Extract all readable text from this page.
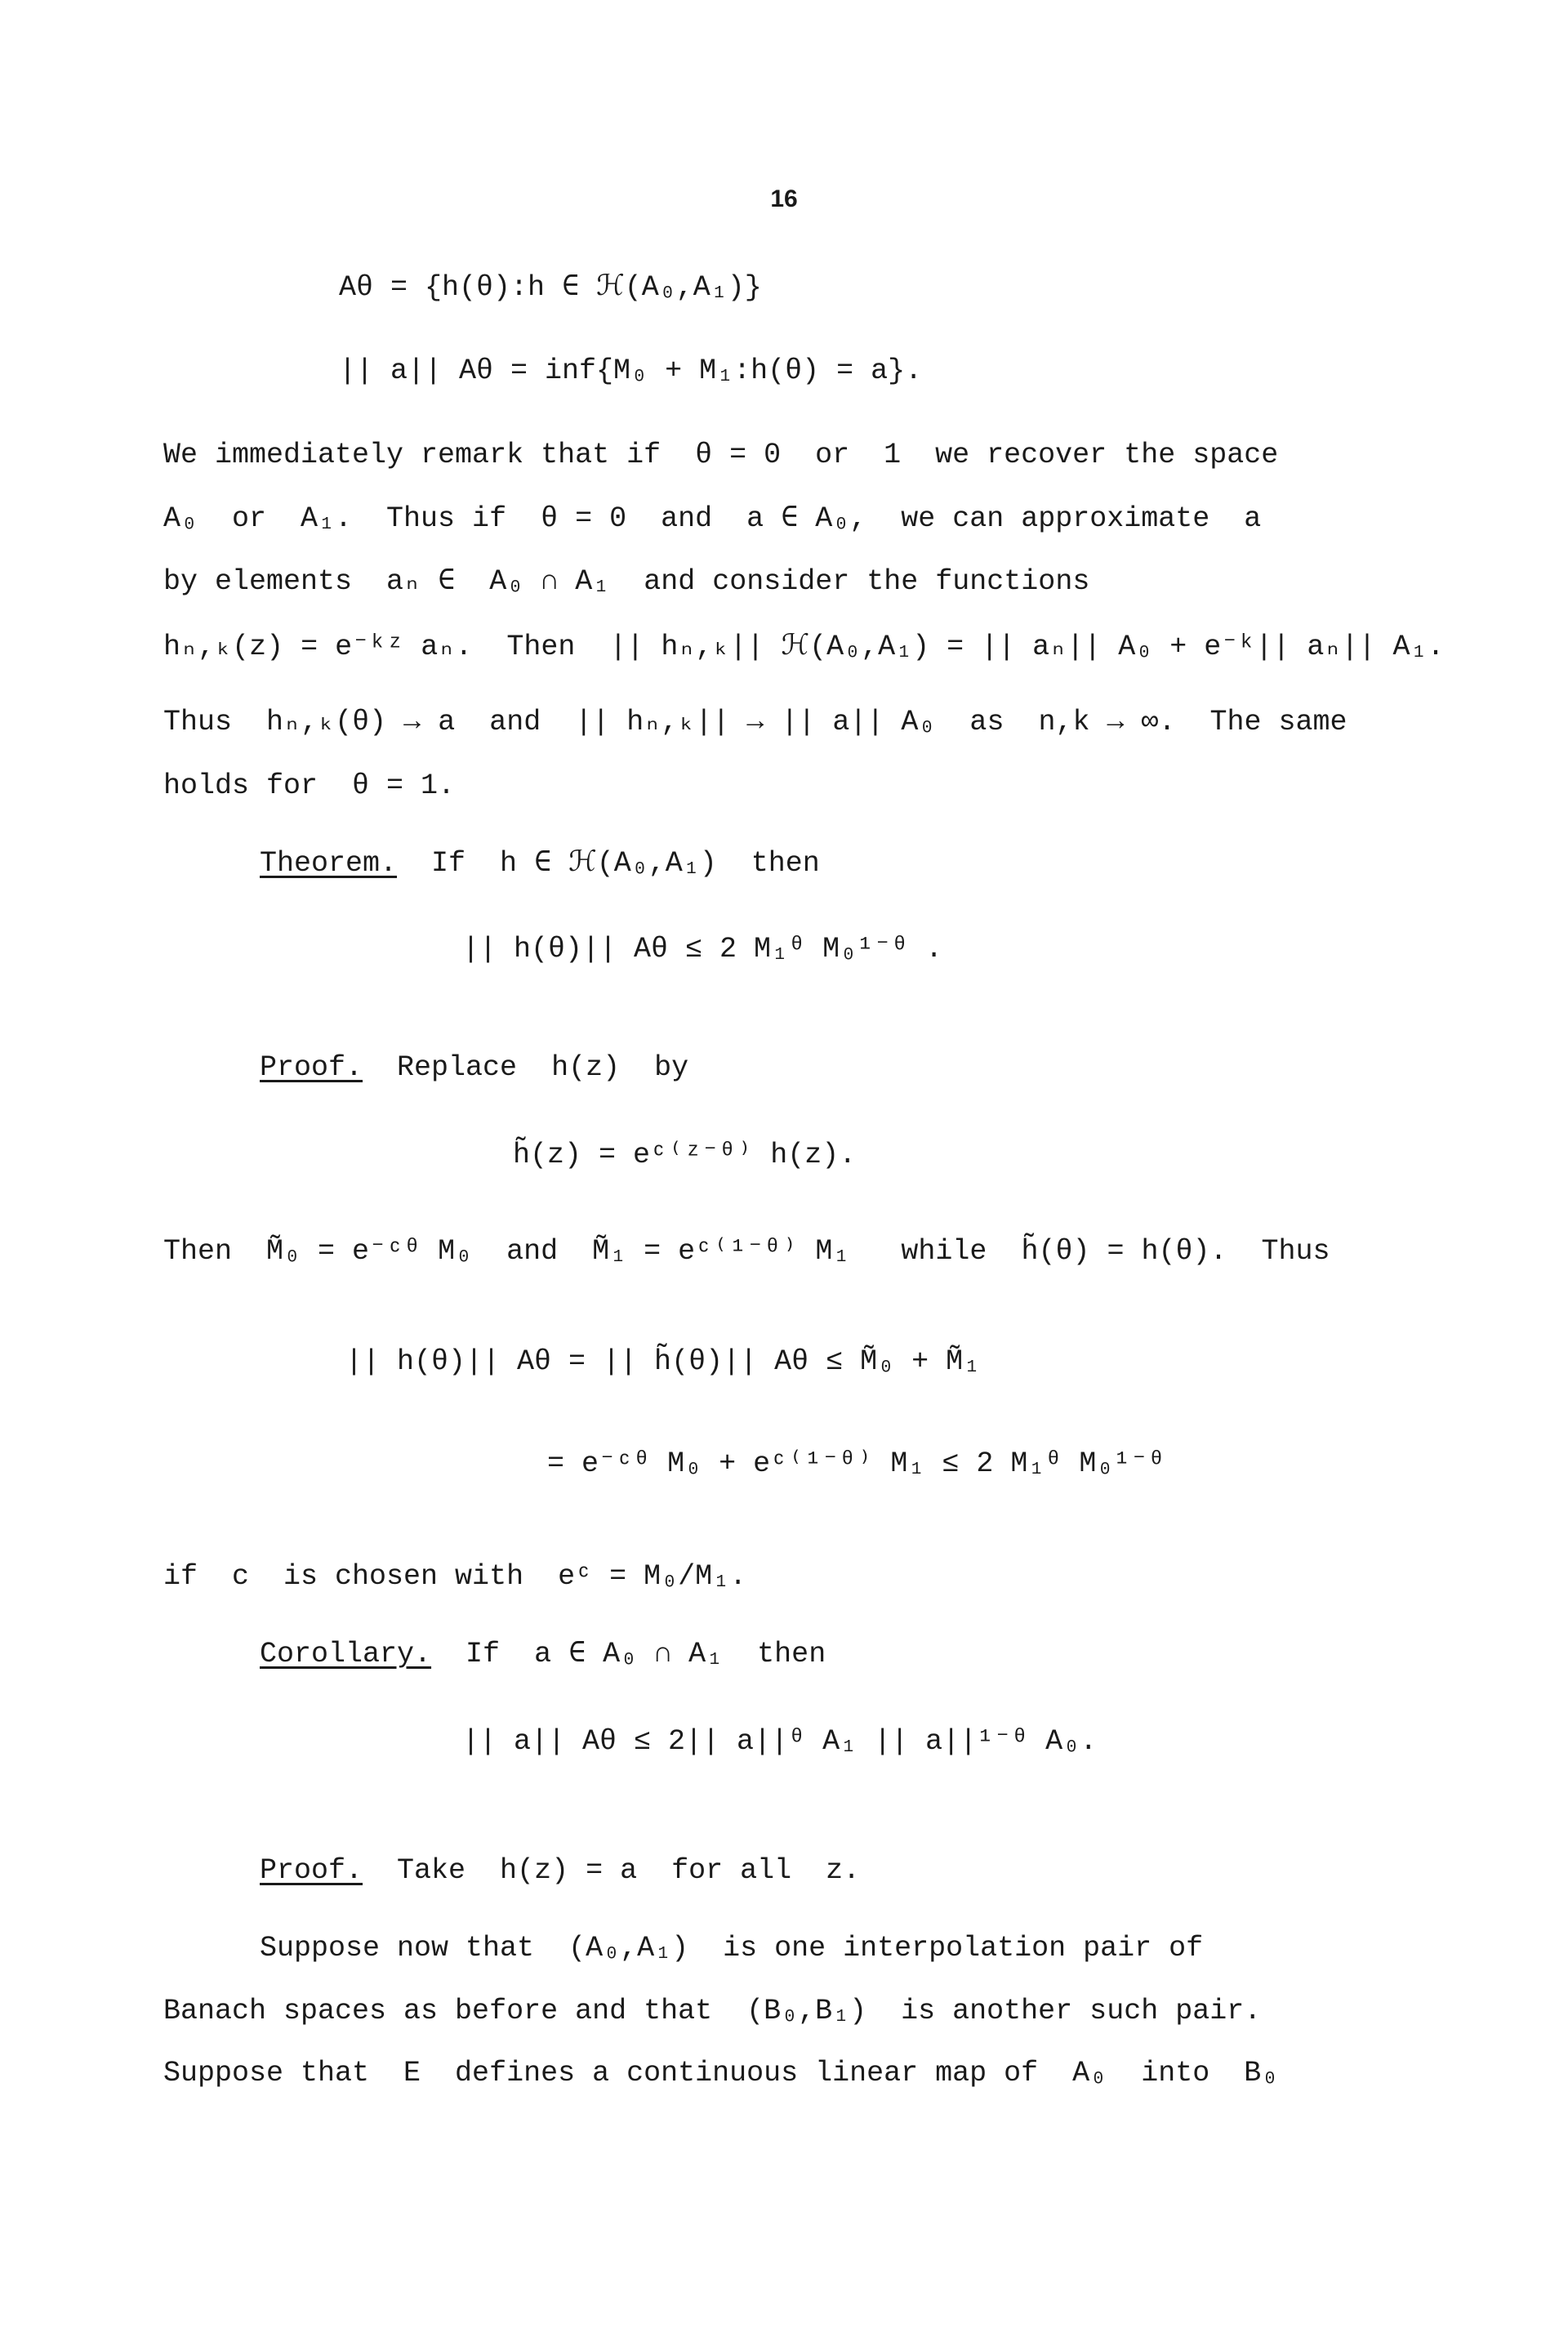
16
Aθ = {h(θ):h ∈ ℋ(A₀,A₁)}
|| a|| Aθ = inf{M₀ + M₁:h(θ) = a}.
We immediately remark that if  θ = 0  or  1  we recover the space
A₀  or  A₁.  Thus if  θ = 0  and  a ∈ A₀,  we can approximate  a
by elements  aₙ ∈  A₀ ∩ A₁  and consider the functions
hₙ,ₖ(z) = e⁻ᵏᶻ aₙ.  Then  || hₙ,ₖ|| ℋ(A₀,A₁) = || aₙ|| A₀ + e⁻ᵏ|| aₙ|| A₁.
Thus  hₙ,ₖ(θ) → a  and  || hₙ,ₖ|| → || a|| A₀  as  n,k → ∞.  The same
holds for  θ = 1.
Theorem.  If  h ∈ ℋ(A₀,A₁)  then
|| h(θ)|| Aθ ≤ 2 M₁ᶿ M₀¹⁻ᶿ .
Proof.  Replace  h(z)  by
h̃(z) = eᶜ⁽ᶻ⁻ᶿ⁾ h(z).
Then  M̃₀ = e⁻ᶜᶿ M₀  and  M̃₁ = eᶜ⁽¹⁻ᶿ⁾ M₁   while  h̃(θ) = h(θ).  Thus
|| h(θ)|| Aθ = || h̃(θ)|| Aθ ≤ M̃₀ + M̃₁
= e⁻ᶜᶿ M₀ + eᶜ⁽¹⁻ᶿ⁾ M₁ ≤ 2 M₁ᶿ M₀¹⁻ᶿ
if  c  is chosen with  eᶜ = M₀/M₁.
Corollary.  If  a ∈ A₀ ∩ A₁  then
|| a|| Aθ ≤ 2|| a||ᶿ A₁ || a||¹⁻ᶿ A₀.
Proof.  Take  h(z) = a  for all  z.
Suppose now that  (A₀,A₁)  is one interpolation pair of
Banach spaces as before and that  (B₀,B₁)  is another such pair.
Suppose that  E  defines a continuous linear map of  A₀  into  B₀
